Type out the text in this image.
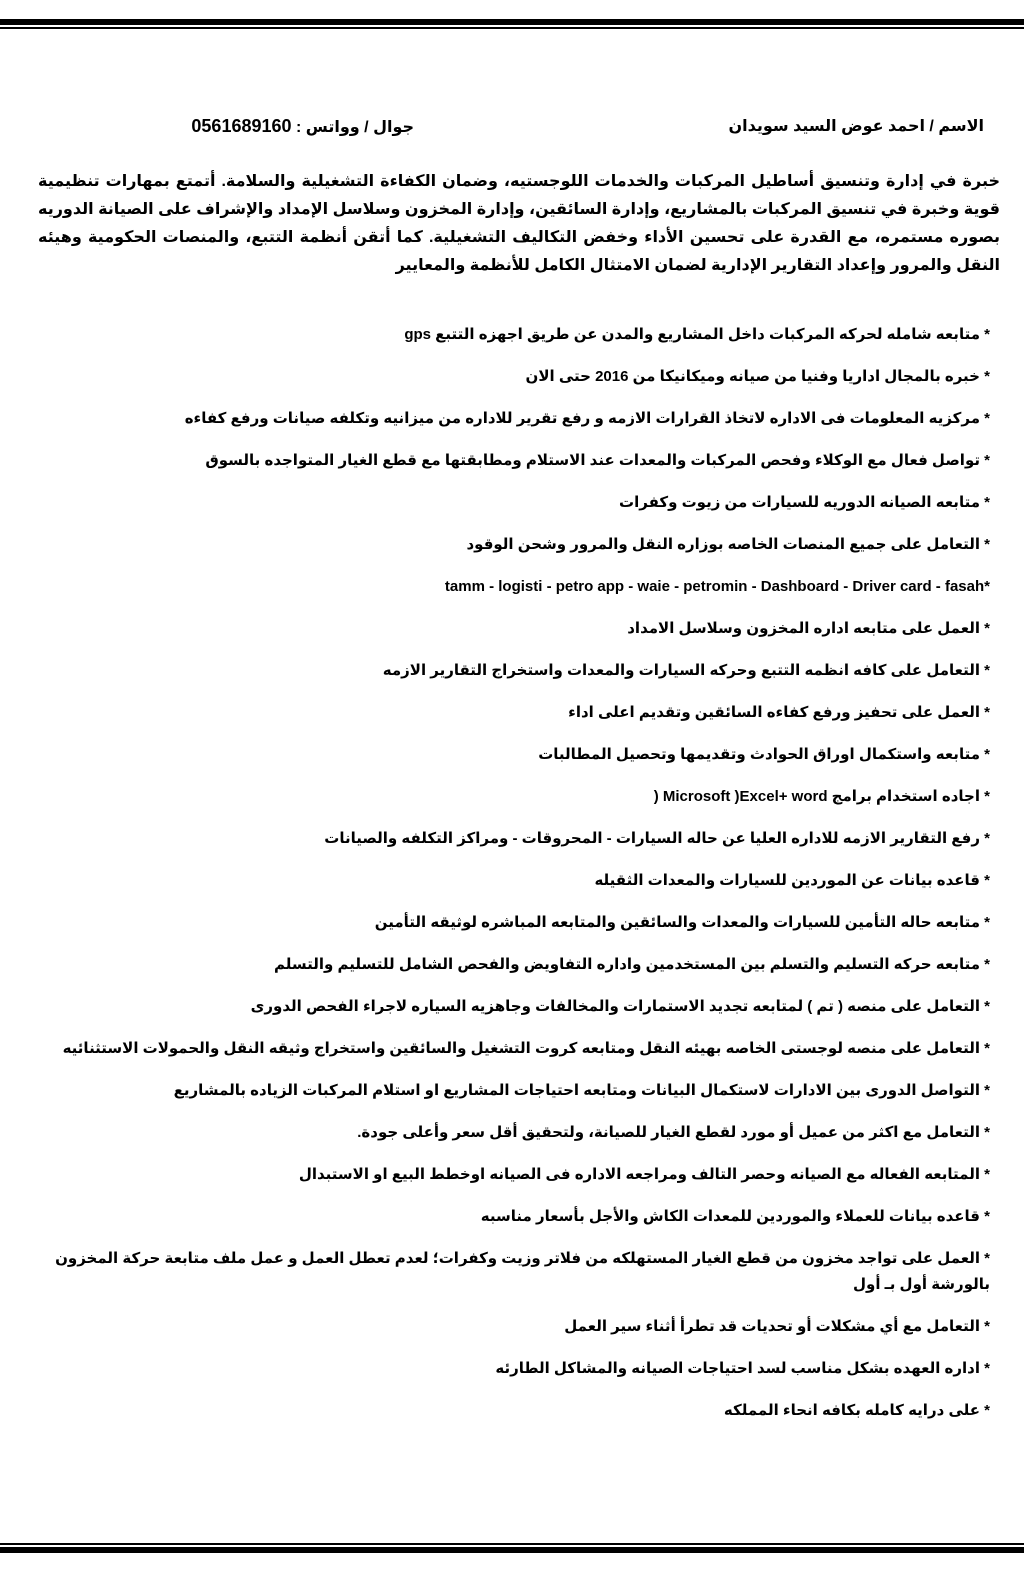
الاسم / احمد عوض السيد سويدان
جوال / وواتس : 0561689160

خبرة في إدارة وتنسيق أساطيل المركبات والخدمات اللوجستيه، وضمان الكفاءة التشغيلية والسلامة. أتمتع بمهارات تنظيمية قوية وخبرة في تنسيق المركبات بالمشاريع، وإدارة السائقين، وإدارة المخزون وسلاسل الإمداد والإشراف على الصيانة الدوريه بصوره مستمره، مع القدرة على تحسين الأداء وخفض التكاليف التشغيلية. كما أتقن أنظمة التتبع، والمنصات الحكومية وهيئه النقل والمرور وإعداد التقارير الإدارية لضمان الامتثال الكامل للأنظمة والمعايير

* متابعه شامله لحركه المركبات داخل المشاريع والمدن عن طريق اجهزه التتبع gps
* خبره بالمجال اداريا وفنيا من صيانه وميكانيكا من 2016 حتى الان
* مركزيه المعلومات فى الاداره لاتخاذ القرارات الازمه و رفع تقرير للاداره من ميزانيه وتكلفه صيانات ورفع كفاءه
* تواصل فعال مع الوكلاء وفحص المركبات والمعدات عند الاستلام ومطابقتها مع قطع الغيار المتواجده بالسوق
* متابعه الصيانه الدوريه للسيارات من زيوت وكفرات
* التعامل على جميع المنصات الخاصه بوزاره النقل والمرور وشحن الوقود
tamm - logisti - petro app - waie - petromin - Dashboard - Driver card - fasah*
* العمل على متابعه اداره المخزون وسلاسل الامداد
* التعامل على كافه انظمه التتبع وحركه السيارات والمعدات واستخراج التقارير الازمه
* العمل على تحفيز ورفع كفاءه السائقين وتقديم اعلى اداء
* متابعه واستكمال اوراق الحوادث وتقديمها وتحصيل المطالبات
* اجاده استخدام برامج Microsoft )Excel+ word (
* رفع التقارير الازمه للاداره العليا عن حاله السيارات - المحروقات - ومراكز التكلفه والصيانات
* قاعده بيانات عن الموردين للسيارات والمعدات الثقيله
* متابعه حاله التأمين للسيارات والمعدات والسائقين والمتابعه المباشره لوثيقه التأمين
* متابعه حركه التسليم والتسلم بين المستخدمين واداره التفاويض والفحص الشامل للتسليم والتسلم
* التعامل على منصه ( تم ) لمتابعه تجديد الاستمارات والمخالفات وجاهزيه السياره لاجراء الفحص الدورى
* التعامل على منصه لوجستى الخاصه بهيئه النقل ومتابعه كروت التشغيل والسائقين واستخراج وثيقه النقل والحمولات الاستثنائيه
* التواصل الدورى بين الادارات لاستكمال البيانات ومتابعه احتياجات المشاريع او استلام المركبات الزياده بالمشاريع
* التعامل مع اكثر من عميل أو مورد لقطع الغيار للصيانة، ولتحقيق أقل سعر وأعلى جودة.
* المتابعه الفعاله مع الصيانه وحصر التالف ومراجعه الاداره فى الصيانه اوخطط البيع او الاستبدال
* قاعده بيانات للعملاء والموردين للمعدات الكاش والأجل بأسعار مناسبه
* العمل على تواجد مخزون من قطع الغيار المستهلكه من فلاتر وزيت وكفرات؛ لعدم تعطل العمل و عمل ملف متابعة حركة المخزون بالورشة أول بـ أول
* التعامل مع أي مشكلات أو تحديات قد تطرأ أثناء سير العمل
* اداره العهده بشكل مناسب لسد احتياجات الصيانه والمشاكل الطارئه
* على درايه كامله بكافه انحاء المملكه
